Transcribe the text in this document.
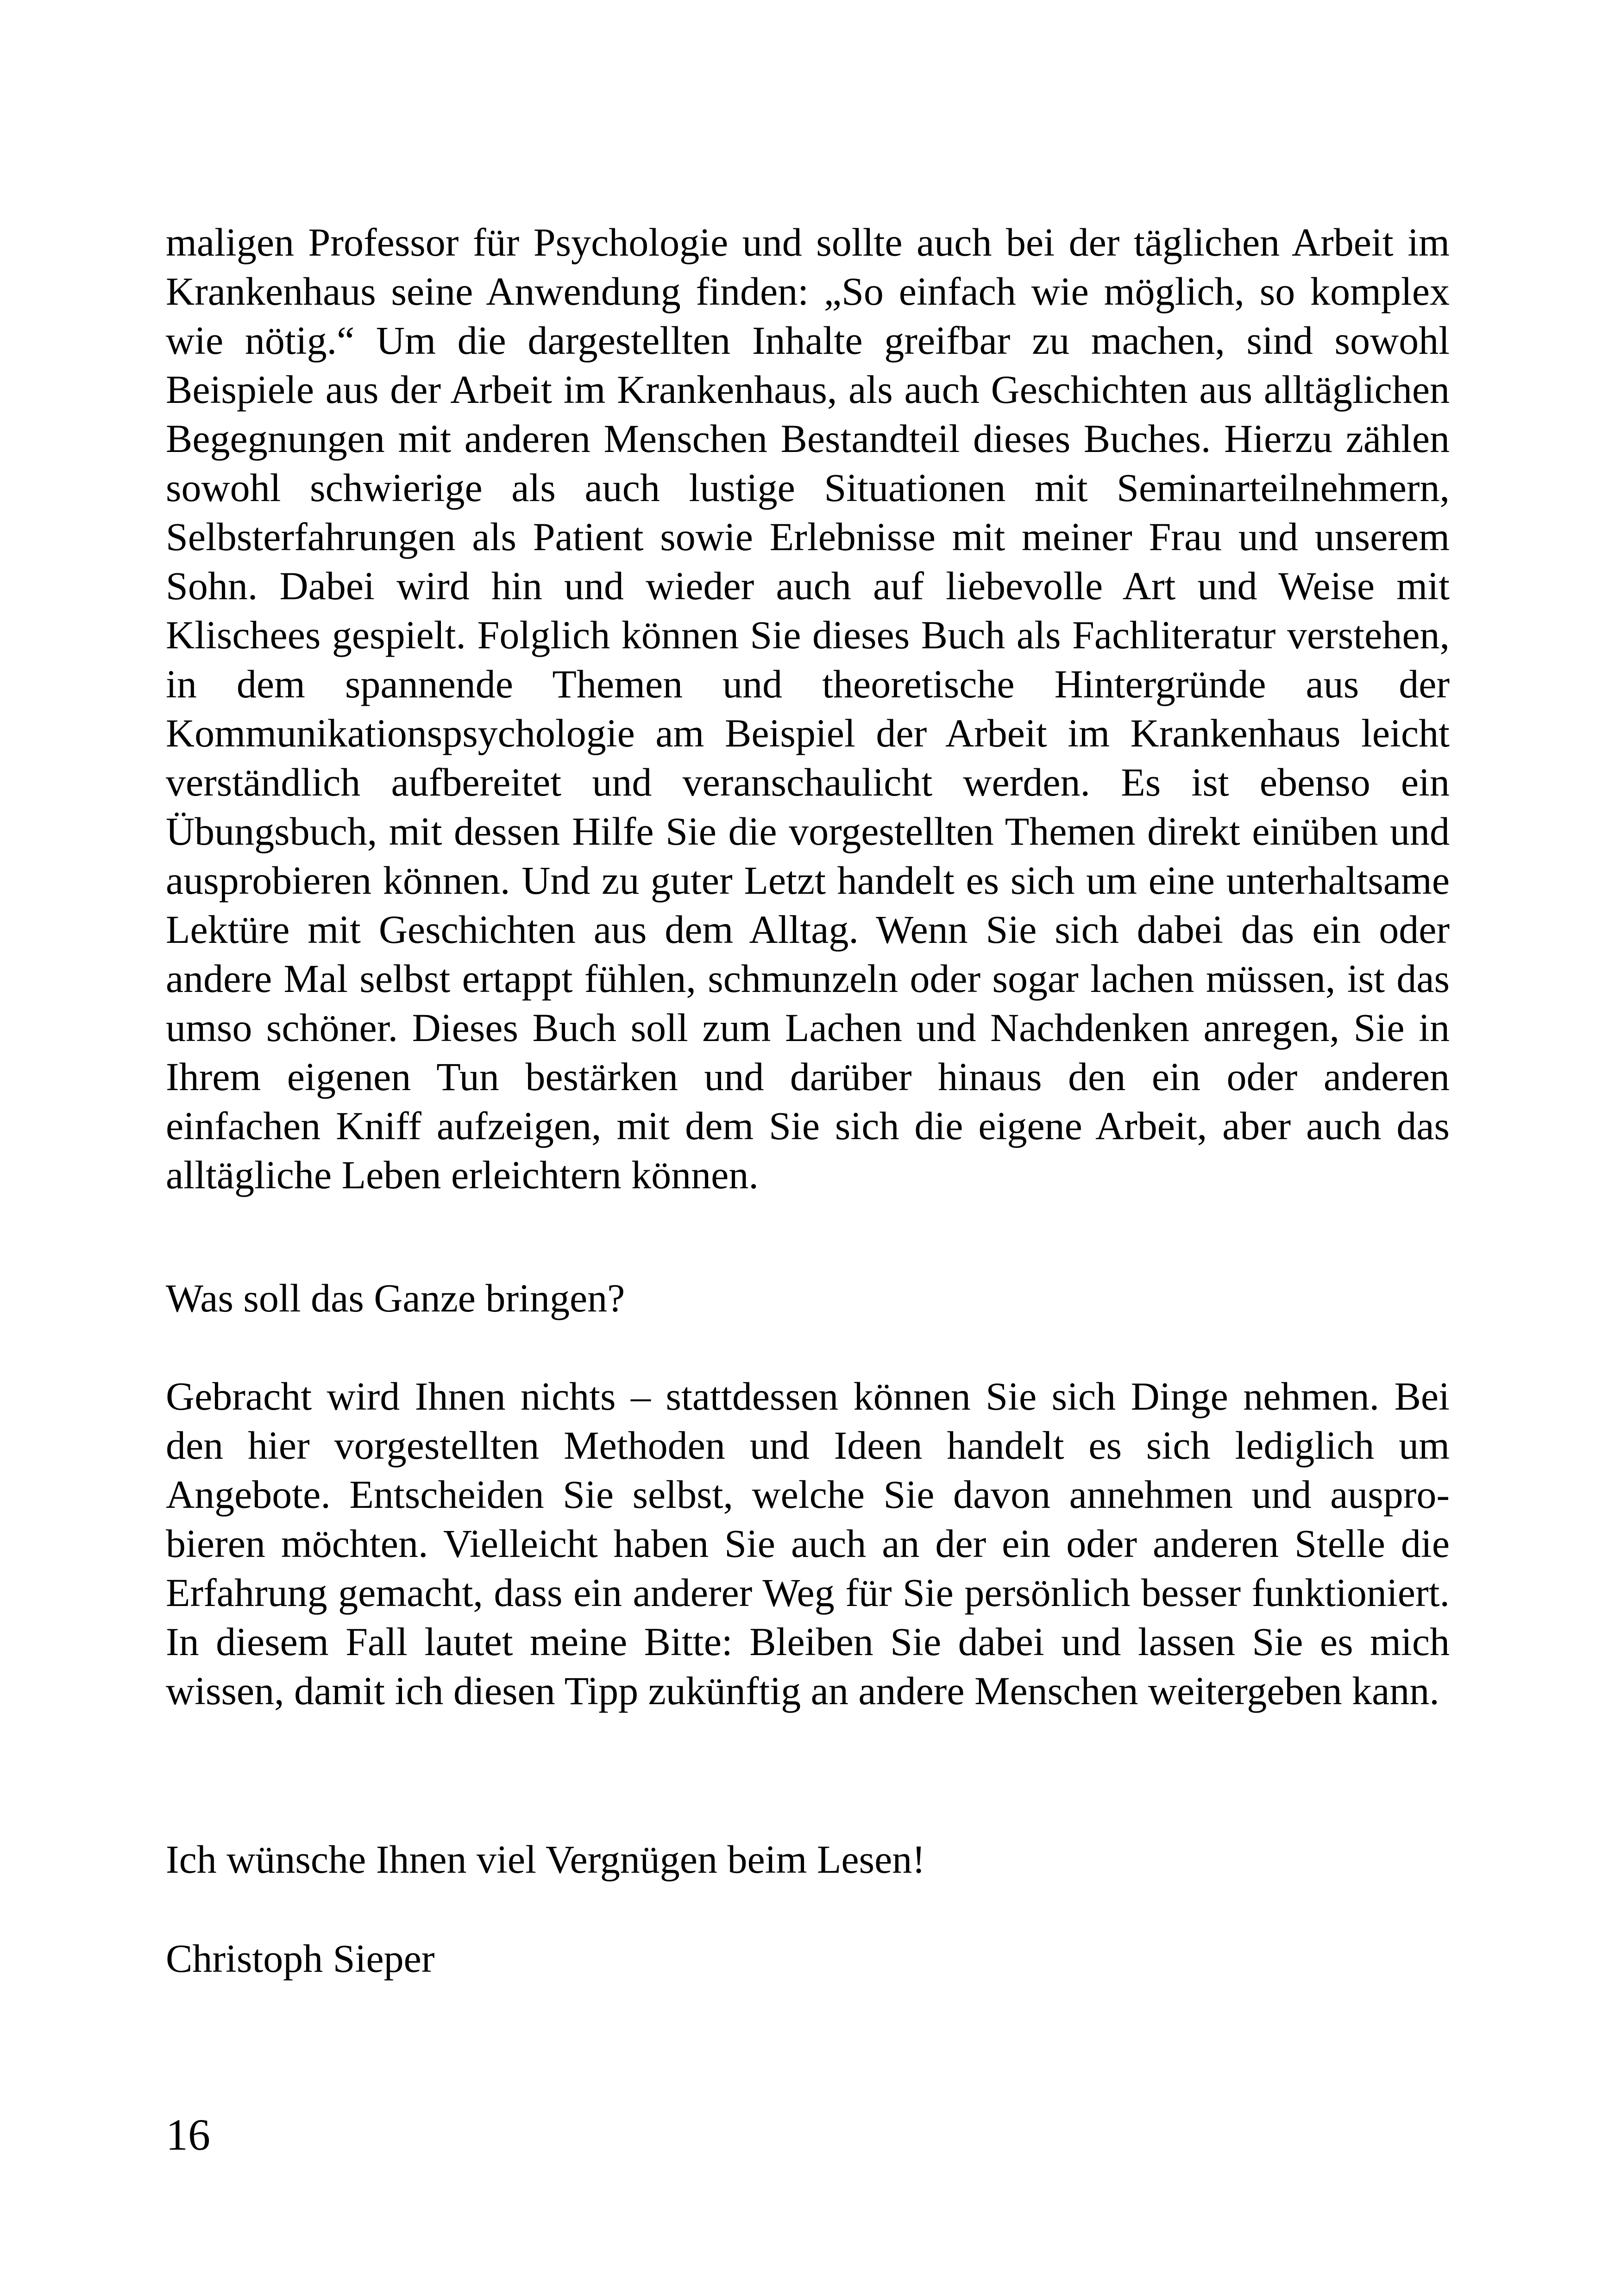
maligen Professor für Psychologie und sollte auch bei der täglichen Arbeit im Krankenhaus seine Anwendung finden: „So einfach wie möglich, so komplex wie nötig.“ Um die dargestellten Inhalte greifbar zu machen, sind sowohl Beispiele aus der Arbeit im Krankenhaus, als auch Geschichten aus alltäglichen Begegnungen mit anderen Menschen Bestandteil dieses Buches. Hierzu zählen sowohl schwierige als auch lustige Situationen mit Seminarteilnehmern, Selbsterfahrungen als Patient sowie Erlebnisse mit meiner Frau und unserem Sohn. Dabei wird hin und wieder auch auf liebevolle Art und Weise mit Klischees gespielt. Folglich können Sie dieses Buch als Fachliteratur verstehen, in dem spannende Themen und theoretische Hintergründe aus der Kommunikationspsychologie am Beispiel der Arbeit im Krankenhaus leicht verständlich aufbereitet und veranschaulicht werden. Es ist ebenso ein Übungsbuch, mit dessen Hilfe Sie die vorgestellten Themen direkt einüben und ausprobieren können. Und zu guter Letzt handelt es sich um eine unterhaltsame Lektüre mit Geschichten aus dem Alltag. Wenn Sie sich dabei das ein oder andere Mal selbst ertappt fühlen, schmunzeln oder sogar lachen müssen, ist das umso schöner. Dieses Buch soll zum Lachen und Nachdenken anregen, Sie in Ihrem eigenen Tun bestärken und darüber hinaus den ein oder anderen einfachen Kniff aufzeigen, mit dem Sie sich die eigene Arbeit, aber auch das alltägliche Leben erleichtern können.

Was soll das Ganze bringen?

Gebracht wird Ihnen nichts – stattdessen können Sie sich Dinge nehmen. Bei den hier vorgestellten Methoden und Ideen handelt es sich lediglich um Angebote. Entscheiden Sie selbst, welche Sie davon annehmen und ausprobieren möchten. Vielleicht haben Sie auch an der ein oder anderen Stelle die Erfahrung gemacht, dass ein anderer Weg für Sie persönlich besser funktioniert. In diesem Fall lautet meine Bitte: Bleiben Sie dabei und lassen Sie es mich wissen, damit ich diesen Tipp zukünftig an andere Menschen weitergeben kann.

Ich wünsche Ihnen viel Vergnügen beim Lesen!

Christoph Sieper

16
